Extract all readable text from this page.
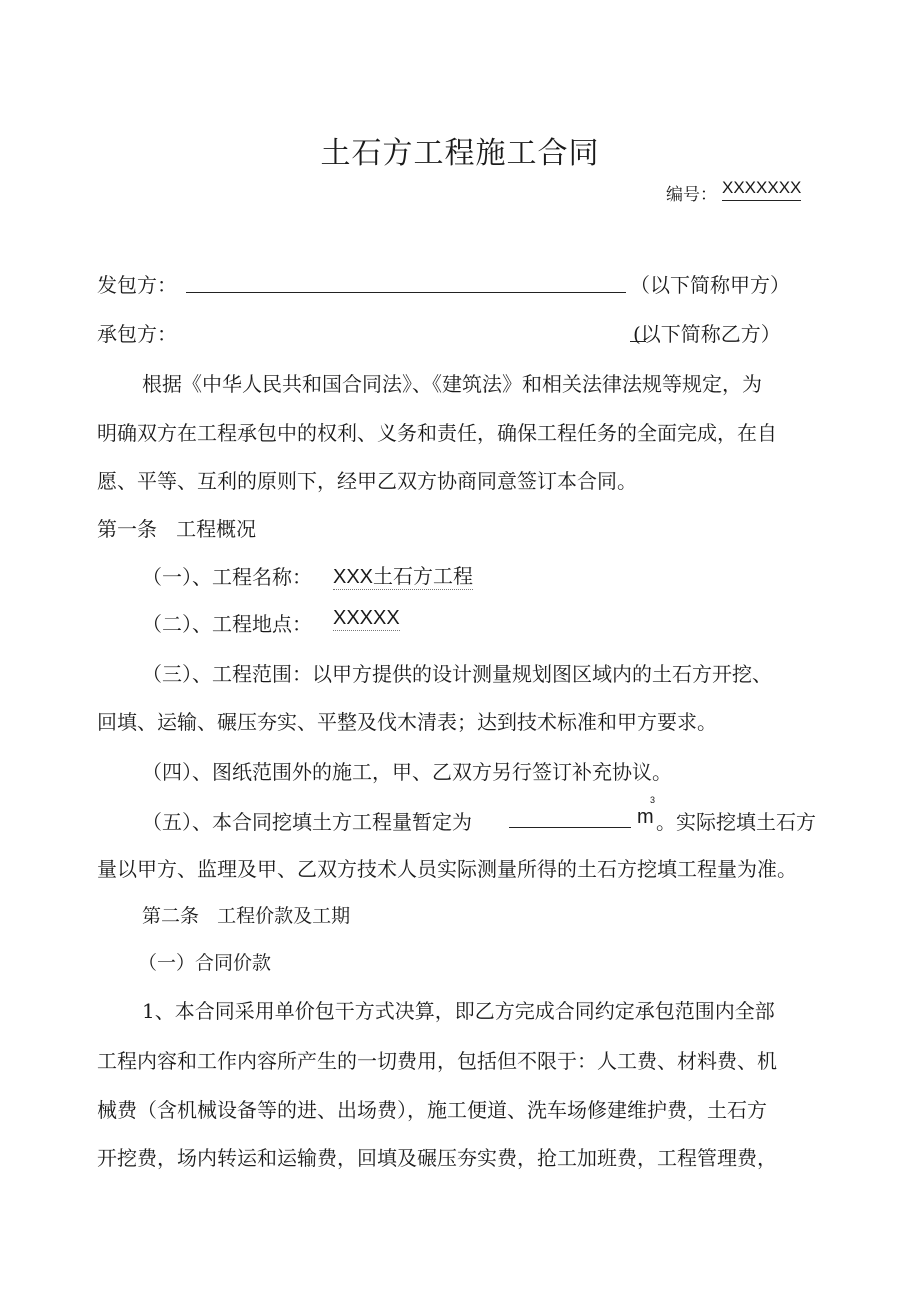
土石方工程施工合同
编号： XXXXXXX
发包方：	（以下简称甲方）
承包方：	(以下简称乙方）
根据《中华人民共和国合同法》、《建筑法》和相关法律法规等规定，为
明确双方在工程承包中的权利、义务和责任，确保工程任务的全面完成，在自
愿、平等、互利的原则下，经甲乙双方协商同意签订本合同。
第一条   工程概况
（一）、工程名称： XXX土石方工程
（二）、工程地点： XXXXX
（三）、工程范围：以甲方提供的设计测量规划图区域内的土石方开挖、
回填、运输、碾压夯实、平整及伐木清表；达到技术标准和甲方要求。
（四）、图纸范围外的施工，甲、乙双方另行签订补充协议。
（五）、本合同挖填土方工程量暂定为	m
3
。实际挖填土石方
量以甲方、监理及甲、乙双方技术人员实际测量所得的土石方挖填工程量为准。
第二条   工程价款及工期
（一）合同价款
1、本合同采用单价包干方式决算，即乙方完成合同约定承包范围内全部
工程内容和工作内容所产生的一切费用，包括但不限于：人工费、材料费、机
械费（含机械设备等的进、出场费），施工便道、洗车场修建维护费，土石方
开挖费，场内转运和运输费，回填及碾压夯实费，抢工加班费，工程管理费，
